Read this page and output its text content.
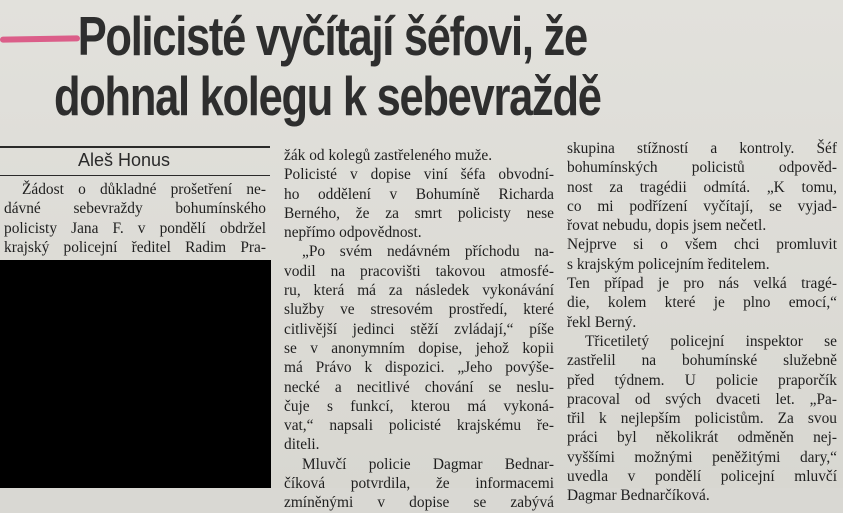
Policisté vyčítají šéfovi, že
dohnal kolegu k sebevraždě
Aleš Honus

Žádost o důkladné prošetření ne-

dávné sebevraždy bohumínského

policisty Jana F. v pondělí obdržel

krajský policejní ředitel Radim Pra-

žák od kolegů zastřeleného muže.

Policisté v dopise viní šéfa obvodní-

ho oddělení v Bohumíně Richarda

Berného, že za smrt policisty nese

nepřímo odpovědnost.

„Po svém nedávném příchodu na-

vodil na pracovišti takovou atmosfé-

ru, která má za následek vykonávání

služby ve stresovém prostředí, které

citlivější jedinci stěží zvládají,“ píše

se v anonymním dopise, jehož kopii

má Právo k dispozici. „Jeho povýše-

necké a necitlivé chování se neslu-

čuje s funkcí, kterou má vykoná-

vat,“ napsali policisté krajskému ře-

diteli.

Mluvčí policie Dagmar Bednar-

číková potvrdila, že informacemi

zmíněnými v dopise se zabývá

skupina stížností a kontroly. Šéf

bohumínských policistů odpověd-

nost za tragédii odmítá. „K tomu,

co mi podřízení vyčítají, se vyjad-

řovat nebudu, dopis jsem nečetl.

Nejprve si o všem chci promluvit

s krajským policejním ředitelem.

Ten případ je pro nás velká tragé-

die, kolem které je plno emocí,“

řekl Berný.

Třicetiletý policejní inspektor se

zastřelil na bohumínské služebně

před týdnem. U policie praporčík

pracoval od svých dvaceti let. „Pa-

třil k nejlepším policistům. Za svou

práci byl několikrát odměněn nej-

vyššími možnými peněžitými dary,“

uvedla v pondělí policejní mluvčí

Dagmar Bednarčíková.
